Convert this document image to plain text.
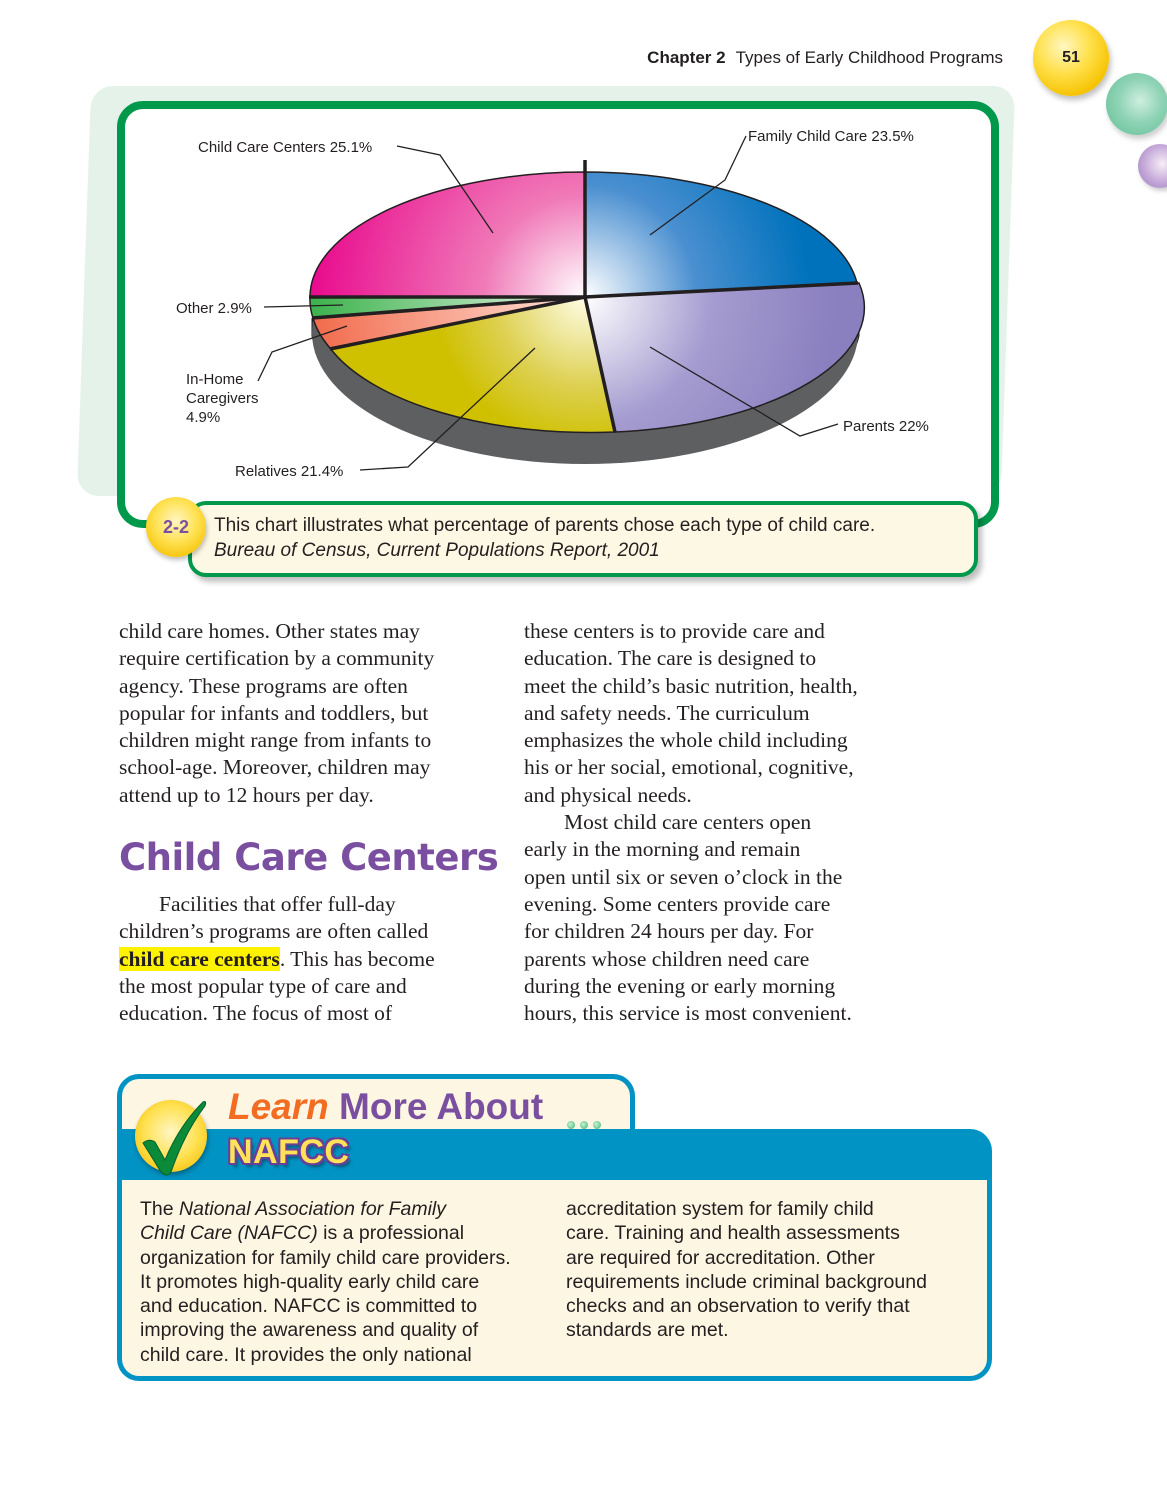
Chapter 2 Types of Early Childhood Programs	51
Child Care Centers 25.1%
Family Child Care 23.5%
Other 2.9%
In-Home
Caregivers
4.9%
Parents 22%
Relatives 21.4%
This chart illustrates what percentage of parents chose each type of child care.
Bureau of Census, Current Populations Report, 2001
2-2

child care homes. Other states may

require certification by a community

agency. These programs are often

popular for infants and toddlers, but

children might range from infants to

school-age. Moreover, children may

attend up to 12 hours per day.

Child Care Centers

Facilities that offer full-day

children’s programs are often called

child care centers. This has become

the most popular type of care and

education. The focus of most of

these centers is to provide care and

education. The care is designed to

meet the child’s basic nutrition, health,

and safety needs. The curriculum

emphasizes the whole child including

his or her social, emotional, cognitive,

and physical needs.

Most child care centers open

early in the morning and remain

open until six or seven o’clock in the

evening. Some centers provide care

for children 24 hours per day. For

parents whose children need care

during the evening or early morning

hours, this service is most convenient.

Learn More About
NAFCC

The National Association for Family

Child Care (NAFCC) is a professional

organization for family child care providers.

It promotes high-quality early child care

and education. NAFCC is committed to

improving the awareness and quality of

child care. It provides the only national

accreditation system for family child

care. Training and health assessments

are required for accreditation. Other

requirements include criminal background

checks and an observation to verify that

standards are met.
